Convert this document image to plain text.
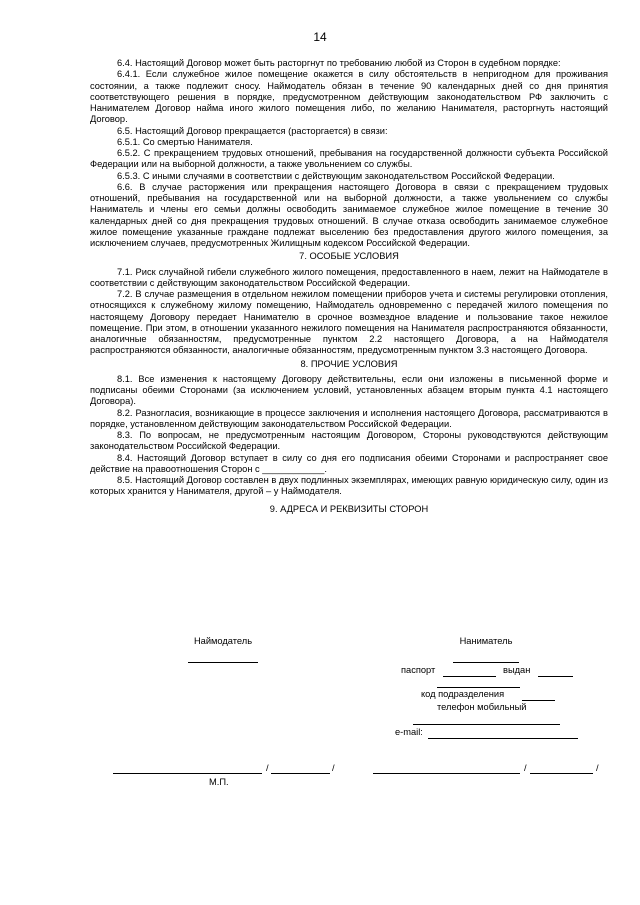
14

6.4. Настоящий Договор может быть расторгнут по требованию любой из Сторон в судебном порядке:

6.4.1. Если служебное жилое помещение окажется в силу обстоятельств в непригодном для проживания состоянии, а также подлежит сносу. Наймодатель обязан в течение 90 календарных дней со дня принятия соответствующего решения в порядке, предусмотренном действующим законодательством РФ заключить с Нанимателем Договор найма иного жилого помещения либо, по желанию Нанимателя, расторгнуть настоящий Договор.

6.5. Настоящий Договор прекращается (расторгается) в связи:

6.5.1. Со смертью Нанимателя.

6.5.2. С прекращением трудовых отношений, пребывания на государственной должности субъекта Российской Федерации или на выборной должности, а также увольнением со службы.

6.5.3. С иными случаями в соответствии с действующим законодательством Российской Федерации.

6.6. В случае расторжения или прекращения настоящего Договора в связи с прекращением трудовых отношений, пребывания на государственной или на выборной должности, а также увольнением со службы Наниматель и члены его семьи должны освободить занимаемое служебное жилое помещение в течение 30 календарных дней со дня прекращения трудовых отношений. В случае отказа освободить занимаемое служебное жилое помещение указанные граждане подлежат выселению без предоставления другого жилого помещения, за исключением случаев, предусмотренных Жилищным кодексом Российской Федерации.

7. ОСОБЫЕ УСЛОВИЯ

7.1. Риск случайной гибели служебного жилого помещения, предоставленного в наем, лежит на Наймодателе в соответствии с действующим законодательством Российской Федерации.

7.2. В случае размещения в отдельном нежилом помещении приборов учета и системы регулировки отопления, относящихся к служебному жилому помещению, Наймодатель одновременно с передачей жилого помещения по настоящему Договору передает Нанимателю в срочное возмездное владение и пользование такое нежилое помещение. При этом, в отношении указанного нежилого помещения на Нанимателя распространяются обязанности, аналогичные обязанностям, предусмотренные пунктом 2.2 настоящего Договора, а на Наймодателя распространяются обязанности, аналогичные обязанностям, предусмотренным пунктом 3.3 настоящего Договора.

8. ПРОЧИЕ УСЛОВИЯ

8.1. Все изменения к настоящему Договору действительны, если они изложены в письменной форме и подписаны обеими Сторонами (за исключением условий, установленных абзацем вторым пункта 4.1 настоящего Договора).

8.2. Разногласия, возникающие в процессе заключения и исполнения настоящего Договора, рассматриваются в порядке, установленном действующим законодательством Российской Федерации.

8.3. По вопросам, не предусмотренным настоящим Договором, Стороны руководствуются действующим законодательством Российской Федерации.

8.4. Настоящий Договор вступает в силу со дня его подписания обеими Сторонами и распространяет свое действие на правоотношения Сторон с ____________.

8.5. Настоящий Договор составлен в двух подлинных экземплярах, имеющих равную юридическую силу, один из которых хранится у Нанимателя, другой – у Наймодателя.

9. АДРЕСА И РЕКВИЗИТЫ СТОРОН
Наймодатель	Наниматель
паспорт	выдан
код подразделения
телефон мобильный
e-mail:
/	/	/	/
М.П.
